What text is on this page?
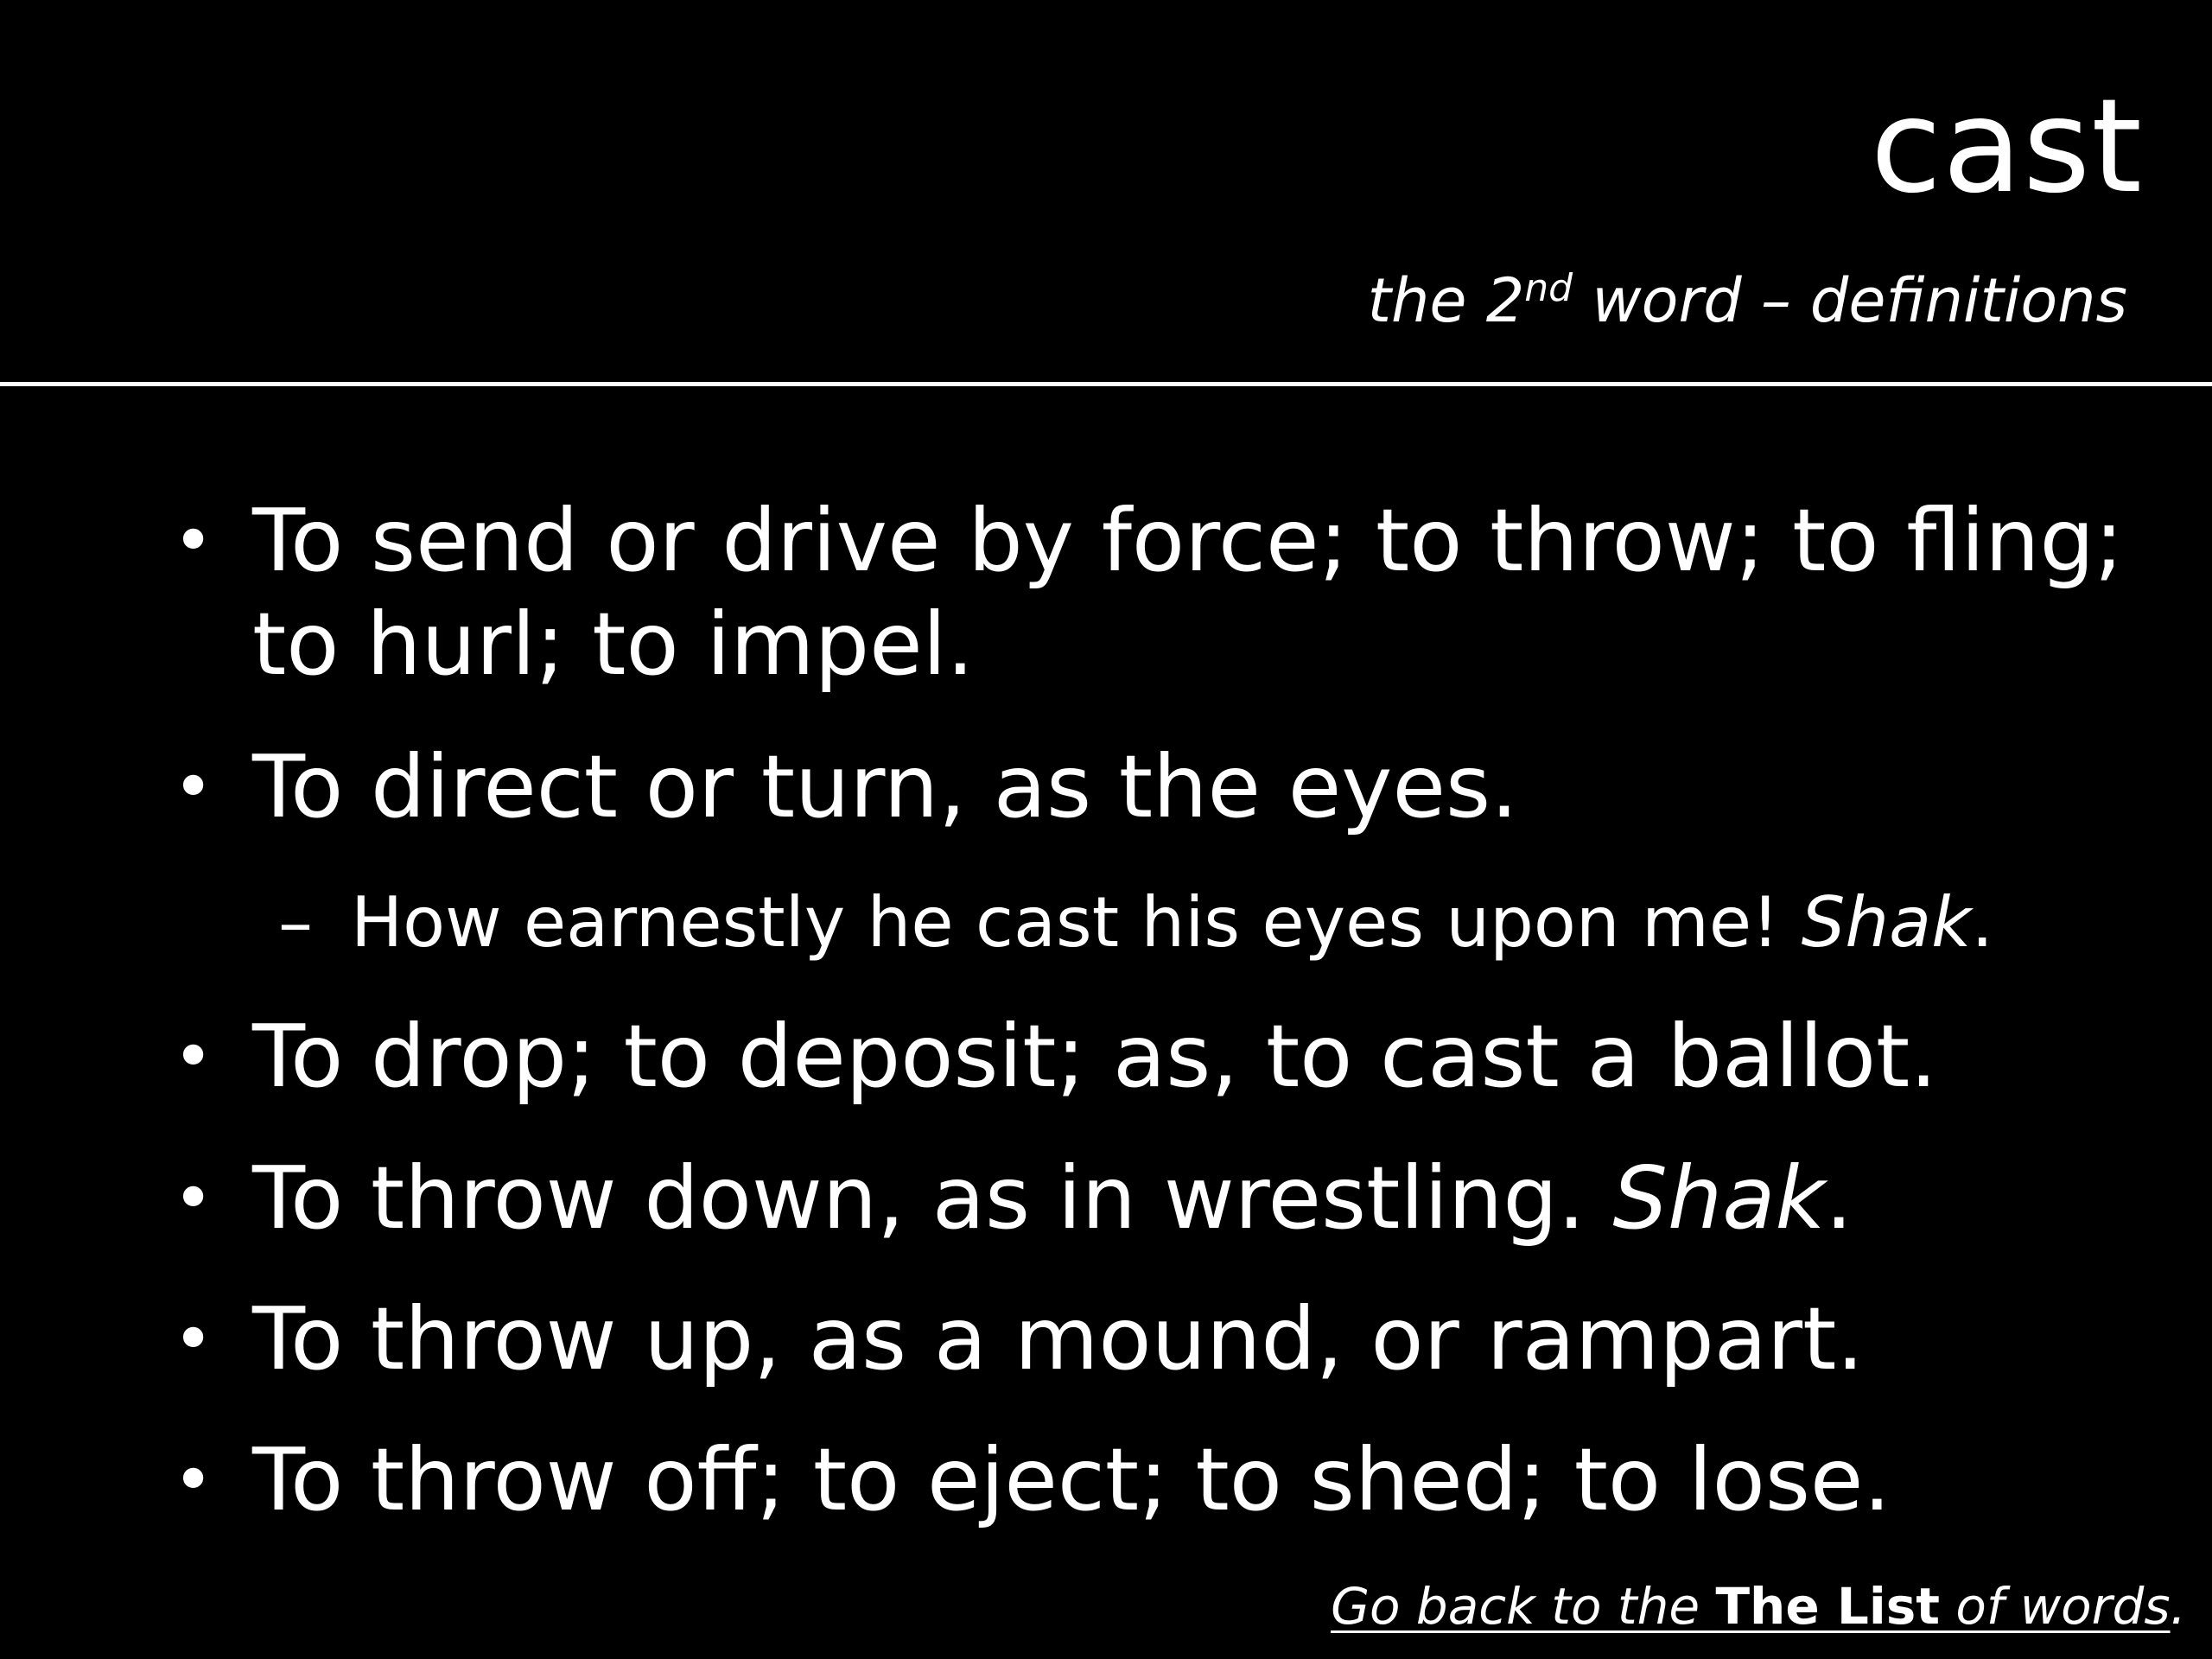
cast
the 2nd word – definitions
• To send or drive by force; to throw; to fling;
to hurl; to impel.
• To direct or turn, as the eyes.
– How earnestly he cast his eyes upon me! Shak.
• To drop; to deposit; as, to cast a ballot.
• To throw down, as in wrestling. Shak.
• To throw up, as a mound, or rampart.
• To throw off; to eject; to shed; to lose.
Go back to the The List of words.
